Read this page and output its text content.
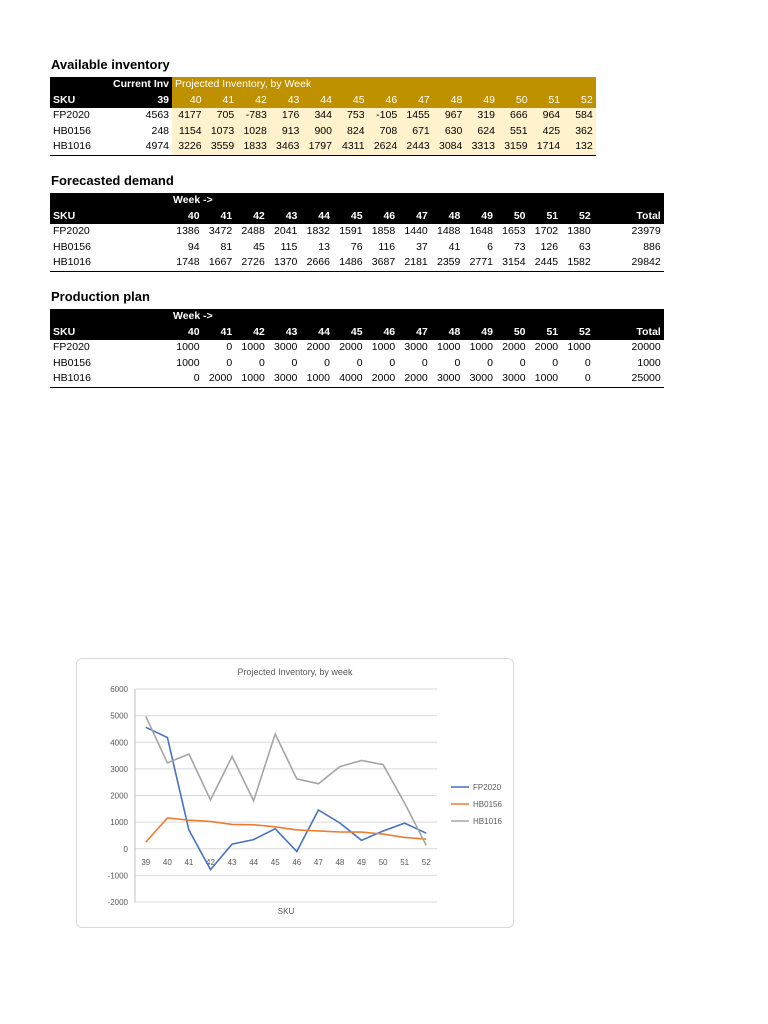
Available inventory
	Current Inv	Projected Inventory, by Week												
SKU	39	40	41	42	43	44	45	46	47	48	49	50	51	52
FP2020	4563	4177	705	-783	176	344	753	-105	1455	967	319	666	964	584
HB0156	248	1154	1073	1028	913	900	824	708	671	630	624	551	425	362
HB1016	4974	3226	3559	1833	3463	1797	4311	2624	2443	3084	3313	3159	1714	132
Forecasted demand
	Week ->													
SKU	40	41	42	43	44	45	46	47	48	49	50	51	52	Total
FP2020	1386	3472	2488	2041	1832	1591	1858	1440	1488	1648	1653	1702	1380	23979
HB0156	94	81	45	115	13	76	116	37	41	6	73	126	63	886
HB1016	1748	1667	2726	1370	2666	1486	3687	2181	2359	2771	3154	2445	1582	29842
Production plan
	Week ->													
SKU	40	41	42	43	44	45	46	47	48	49	50	51	52	Total
FP2020	1000	0	1000	3000	2000	2000	1000	3000	1000	1000	2000	2000	1000	20000
HB0156	1000	0	0	0	0	0	0	0	0	0	0	0	0	1000
HB1016	0	2000	1000	3000	1000	4000	2000	2000	3000	3000	3000	1000	0	25000
Projected Inventory, by week
-2000
-1000
0
1000
2000
3000
4000
5000
6000
39 40 41 42 43 44 45 46 47 48 49 50 51 52
FP2020
HB0156
HB1016
SKU
